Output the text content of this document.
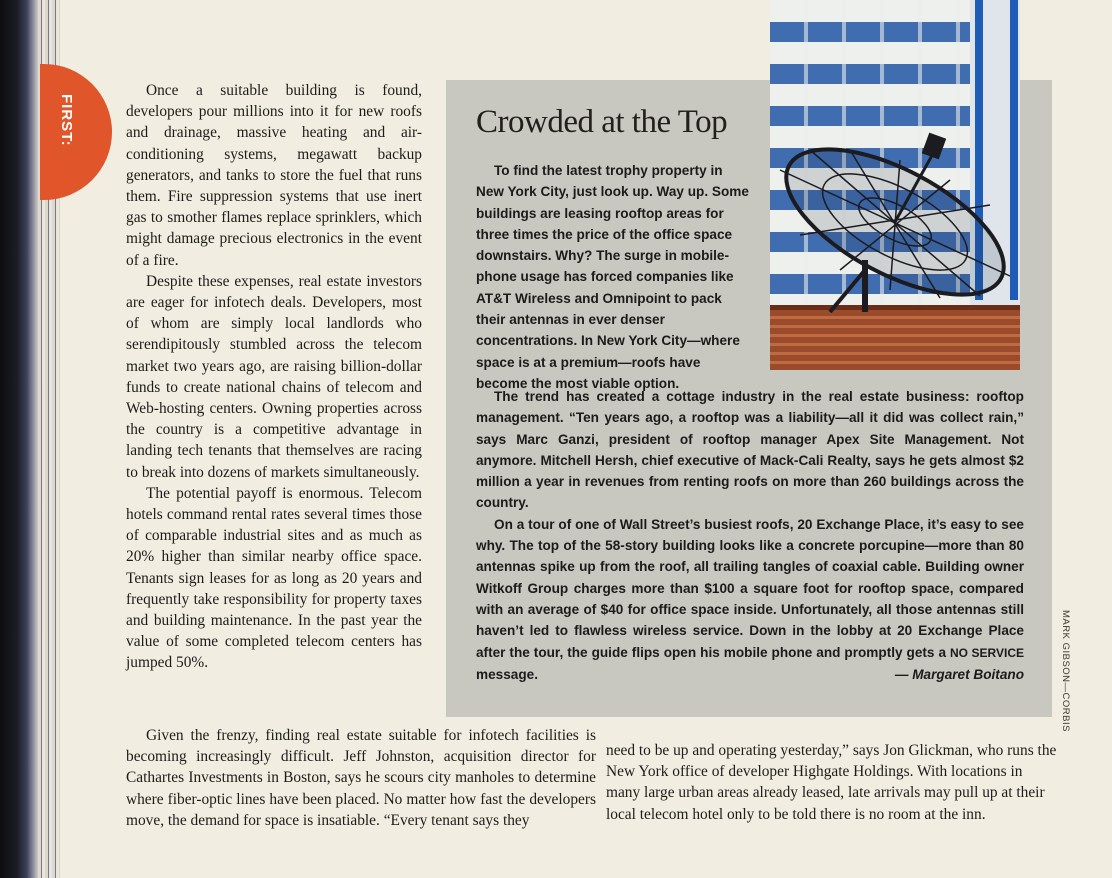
FIRST:

Once a suitable building is found, developers pour millions into it for new roofs and drainage, massive heating and air-conditioning systems, megawatt backup generators, and tanks to store the fuel that runs them. Fire suppression systems that use inert gas to smother flames replace sprinklers, which might damage precious electronics in the event of a fire.

Despite these expenses, real estate investors are eager for infotech deals. Developers, most of whom are simply local landlords who serendipitously stumbled across the telecom market two years ago, are raising billion-dollar funds to create national chains of telecom and Web-hosting centers. Owning properties across the country is a competitive advantage in landing tech tenants that themselves are racing to break into dozens of markets simultaneously.

The potential payoff is enormous. Telecom hotels command rental rates several times those of comparable industrial sites and as much as 20% higher than similar nearby office space. Tenants sign leases for as long as 20 years and frequently take responsibility for property taxes and building maintenance. In the past year the value of some completed telecom centers has jumped 50%.

Given the frenzy, finding real estate suitable for infotech facilities is becoming increasingly difficult. Jeff Johnston, acquisition director for Cathartes Investments in Boston, says he scours city manholes to determine where fiber-optic lines have been placed. No matter how fast the developers move, the demand for space is insatiable. “Every tenant says they

need to be up and operating yesterday,” says Jon Glickman, who runs the New York office of developer Highgate Holdings. With locations in many large urban areas already leased, late arrivals may pull up at their local telecom hotel only to be told there is no room at the inn.
Crowded at the Top

To find the latest trophy property in New York City, just look up. Way up. Some buildings are leasing rooftop areas for three times the price of the office space downstairs. Why? The surge in mobile-phone usage has forced companies like AT&T Wireless and Omnipoint to pack their antennas in ever denser concentrations. In New York City—where space is at a premium—roofs have become the most viable option.

The trend has created a cottage industry in the real estate business: rooftop management. “Ten years ago, a rooftop was a liability—all it did was collect rain,” says Marc Ganzi, president of rooftop manager Apex Site Management. Not anymore. Mitchell Hersh, chief executive of Mack-Cali Realty, says he gets almost $2 million a year in revenues from renting roofs on more than 260 buildings across the country.

On a tour of one of Wall Street’s busiest roofs, 20 Exchange Place, it’s easy to see why. The top of the 58-story building looks like a concrete porcupine—more than 80 antennas spike up from the roof, all trailing tangles of coaxial cable. Building owner Witkoff Group charges more than $100 a square foot for rooftop space, compared with an average of $40 for office space inside. Unfortunately, all those antennas still haven’t led to flawless wireless service. Down in the lobby at 20 Exchange Place after the tour, the guide flips open his mobile phone and promptly gets a NO SERVICE message.	— Margaret Boitano	MARK GIBSON—CORBIS
